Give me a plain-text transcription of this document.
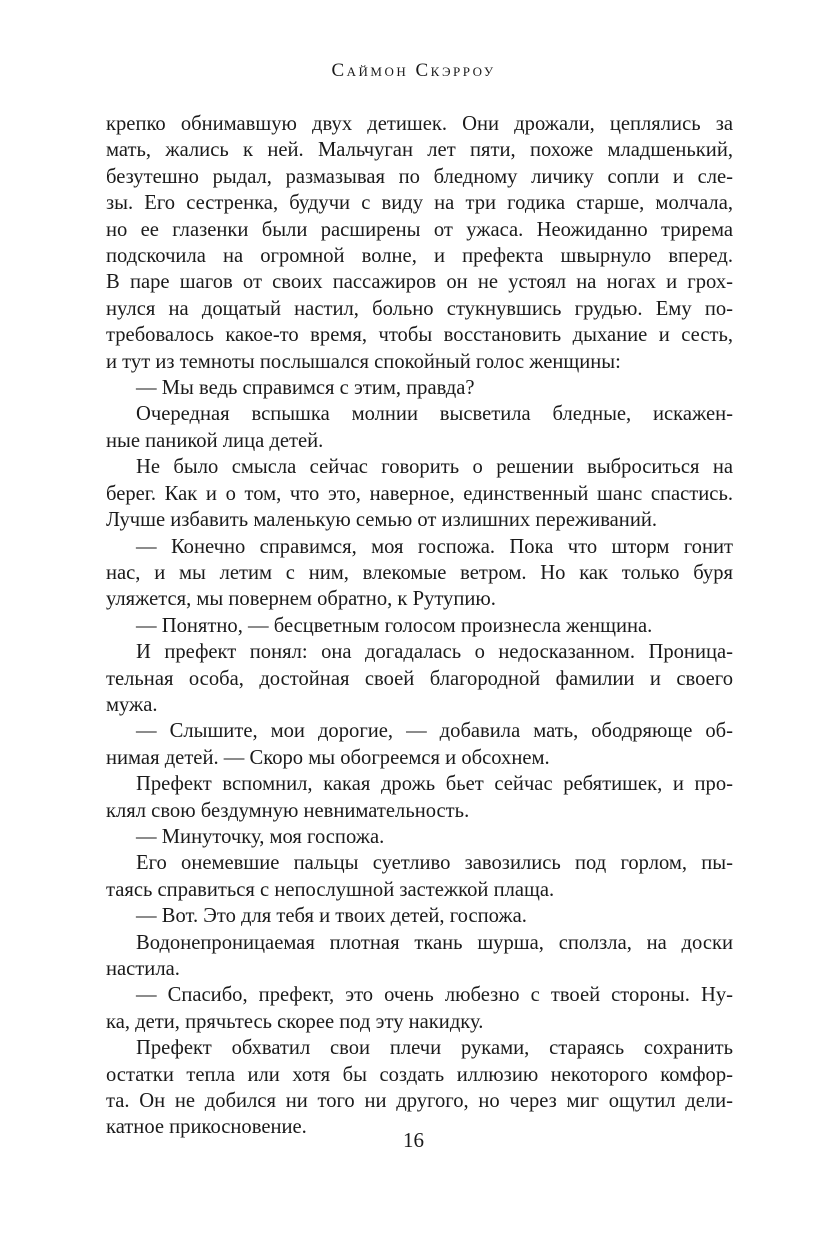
Саймон Скэрроу

крепко обнимавшую двух детишек. Они дрожали, цеплялись за
мать, жались к ней. Мальчуган лет пяти, похоже младшенький,
безутешно рыдал, размазывая по бледному личику сопли и сле-
зы. Его сестренка, будучи с виду на три годика старше, молчала,
но ее глазенки были расширены от ужаса. Неожиданно трирема
подскочила на огромной волне, и префекта швырнуло вперед.
В паре шагов от своих пассажиров он не устоял на ногах и грох-
нулся на дощатый настил, больно стукнувшись грудью. Ему по-
требовалось какое-то время, чтобы восстановить дыхание и сесть,
и тут из темноты послышался спокойный голос женщины:

— Мы ведь справимся с этим, правда?

Очередная вспышка молнии высветила бледные, искажен-
ные паникой лица детей.

Не было смысла сейчас говорить о решении выброситься на
берег. Как и о том, что это, наверное, единственный шанс спастись.
Лучше избавить маленькую семью от излишних переживаний.

— Конечно справимся, моя госпожа. Пока что шторм гонит
нас, и мы летим с ним, влекомые ветром. Но как только буря
уляжется, мы повернем обратно, к Рутупию.

— Понятно, — бесцветным голосом произнесла женщина.

И префект понял: она догадалась о недосказанном. Проница-
тельная особа, достойная своей благородной фамилии и своего
мужа.

— Слышите, мои дорогие, — добавила мать, ободряюще об-
нимая детей. — Скоро мы обогреемся и обсохнем.

Префект вспомнил, какая дрожь бьет сейчас ребятишек, и про-
клял свою бездумную невнимательность.

— Минуточку, моя госпожа.

Его онемевшие пальцы суетливо завозились под горлом, пы-
таясь справиться с непослушной застежкой плаща.

— Вот. Это для тебя и твоих детей, госпожа.

Водонепроницаемая плотная ткань шурша, сползла, на доски
настила.

— Спасибо, префект, это очень любезно с твоей стороны. Ну-
ка, дети, прячьтесь скорее под эту накидку.

Префект обхватил свои плечи руками, стараясь сохранить
остатки тепла или хотя бы создать иллюзию некоторого комфор-
та. Он не добился ни того ни другого, но через миг ощутил дели-
катное прикосновение.

16
